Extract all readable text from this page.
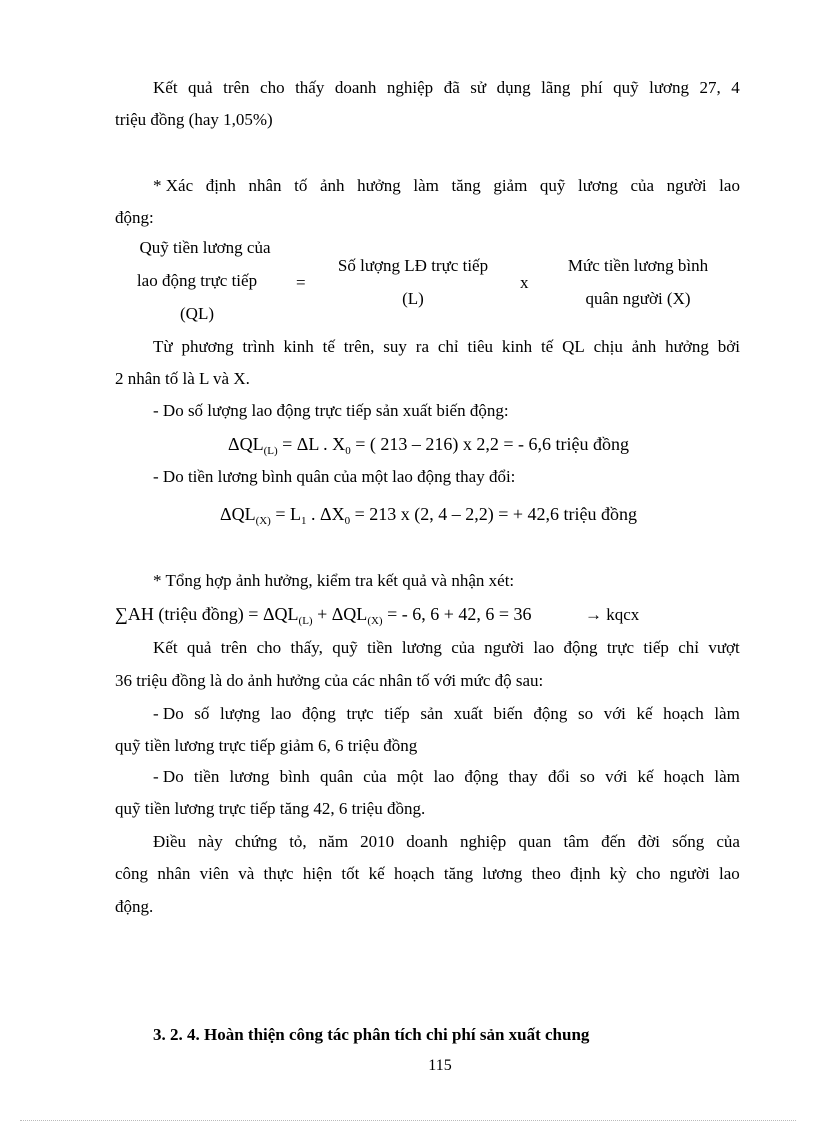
Kết quả trên cho thấy doanh nghiệp đã sử dụng lãng phí quỹ lương 27, 4
triệu đồng (hay 1,05%)
* Xác định nhân tố ảnh hưởng làm tăng giảm quỹ lương của người lao
động:
Quỹ tiền lương của
lao động trực tiếp
(QL)
=
Số lượng LĐ trực tiếp
(L)
x
Mức tiền lương bình
quân người (X)
Từ phương trình kinh tế trên, suy ra chỉ tiêu kinh tế QL chịu ảnh hưởng bởi
2 nhân tố là L và X.
- Do số lượng lao động trực tiếp sản xuất biến động:
$\Delta QL_{(L)} = \Delta L$ . $X_0$ = ( 213 – 216) x 2,2 = - 6,6 triệu đồng
- Do tiền lương bình quân của một lao động thay đổi:
$\Delta QL_{(X)} = L_1$ . $\Delta X_0 = 213$ x (2, 4 – 2,2) = + 42,6 triệu đồng
* Tổng hợp ảnh hưởng, kiểm tra kết quả và nhận xét:
∑AH (triệu đồng) = $\Delta QL_{(L)} + \Delta QL_{(X)}$ = - 6, 6 + 42, 6 = 36	→ kqcx
Kết quả trên cho thấy, quỹ tiền lương của người lao động trực tiếp chỉ vượt
36 triệu đồng là do ảnh hưởng của các nhân tố với mức độ sau:
- Do số lượng lao động trực tiếp sản xuất biến động so với kế hoạch làm
quỹ tiền lương trực tiếp giảm 6, 6 triệu đồng
- Do tiền lương bình quân của một lao động thay đổi so với kế hoạch làm
quỹ tiền lương trực tiếp tăng 42, 6 triệu đồng.
Điều này chứng tỏ, năm 2010 doanh nghiệp quan tâm đến đời sống của
công nhân viên và thực hiện tốt kế hoạch tăng lương theo định kỳ cho người lao
động.
3. 2. 4. Hoàn thiện công tác phân tích chi phí sản xuất chung
115
